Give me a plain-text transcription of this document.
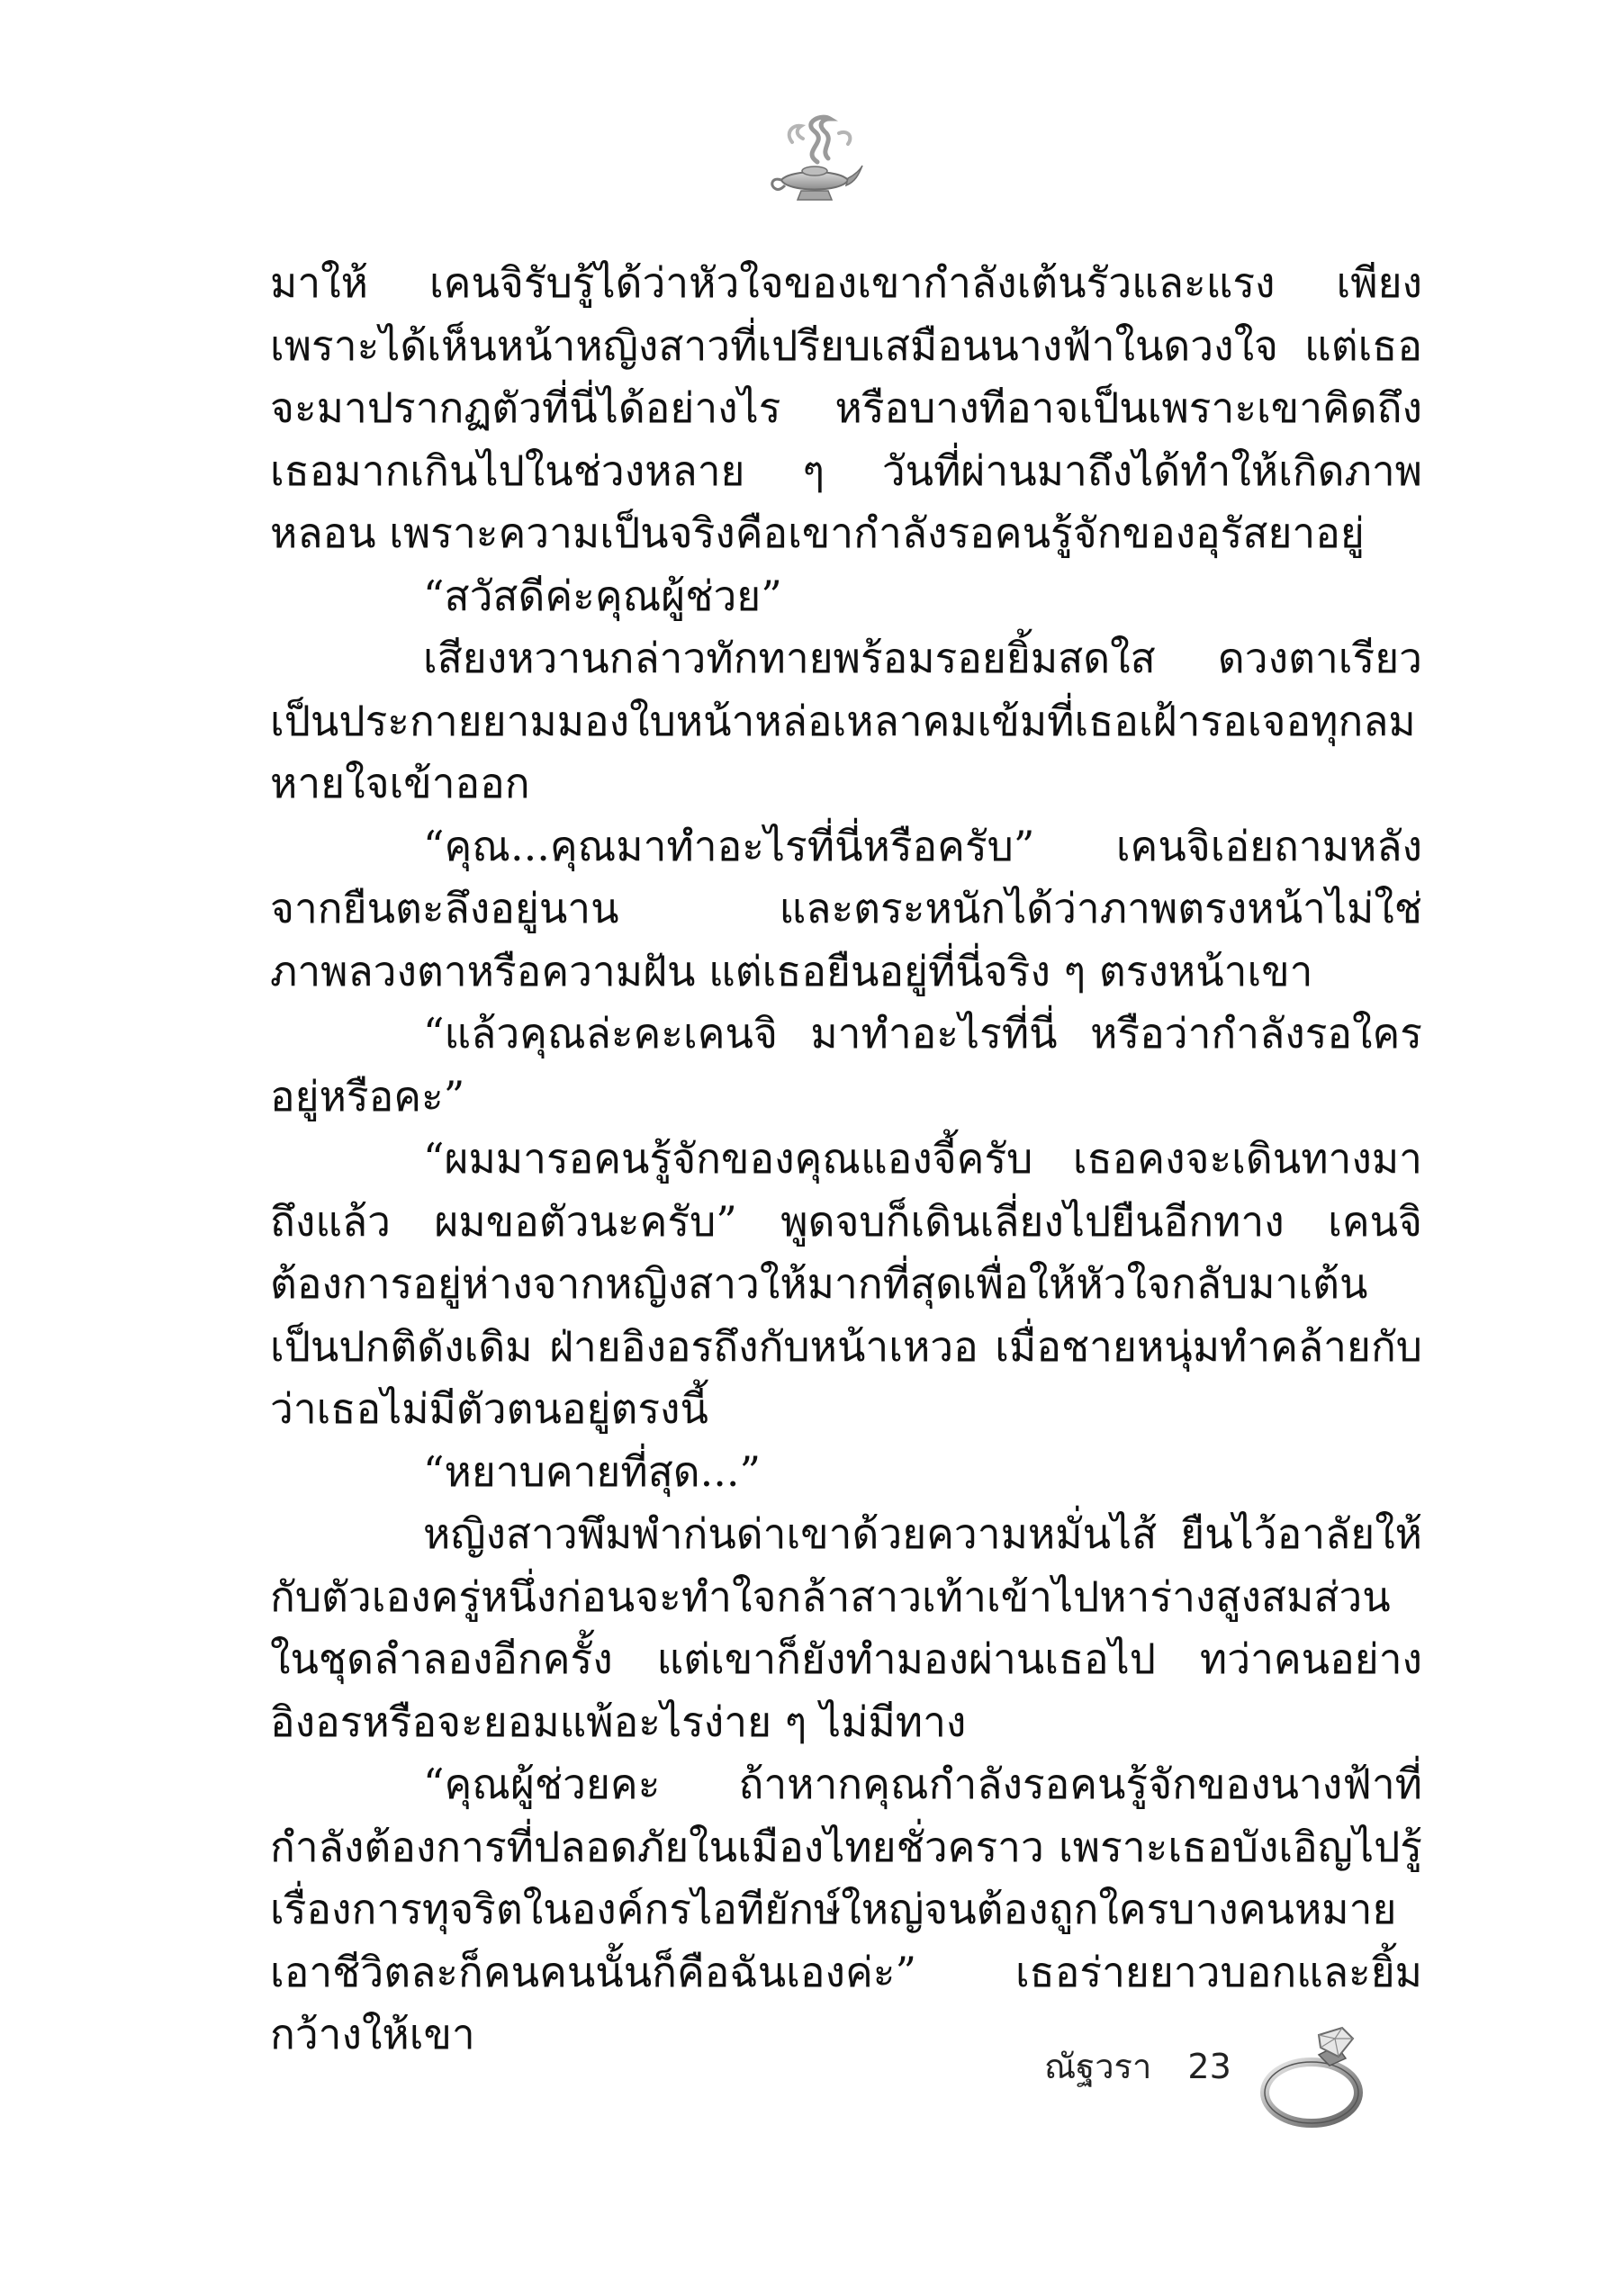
มาให้ เคนจิรับรู้ได้ว่าหัวใจของเขากำลังเต้นรัวและแรง เพียงเพราะได้เห็นหน้าหญิงสาวที่เปรียบเสมือนนางฟ้าในดวงใจ แต่เธอจะมาปรากฏตัวที่นี่ได้อย่างไร หรือบางทีอาจเป็นเพราะเขาคิดถึงเธอมากเกินไปในช่วงหลาย ๆ วันที่ผ่านมาถึงได้ทำให้เกิดภาพหลอน เพราะความเป็นจริงคือเขากำลังรอคนรู้จักของอุรัสยาอยู่

“สวัสดีค่ะคุณผู้ช่วย”

เสียงหวานกล่าวทักทายพร้อมรอยยิ้มสดใส ดวงตาเรียวเป็นประกายยามมองใบหน้าหล่อเหลาคมเข้มที่เธอเฝ้ารอเจอทุกลมหายใจเข้าออก

“คุณ...คุณมาทำอะไรที่นี่หรือครับ” เคนจิเอ่ยถามหลังจากยืนตะลึงอยู่นาน และตระหนักได้ว่าภาพตรงหน้าไม่ใช่ภาพลวงตาหรือความฝัน แต่เธอยืนอยู่ที่นี่จริง ๆ ตรงหน้าเขา

“แล้วคุณล่ะคะเคนจิ มาทำอะไรที่นี่ หรือว่ากำลังรอใครอยู่หรือคะ”

“ผมมารอคนรู้จักของคุณแองจี้ครับ เธอคงจะเดินทางมาถึงแล้ว ผมขอตัวนะครับ” พูดจบก็เดินเลี่ยงไปยืนอีกทาง เคนจิต้องการอยู่ห่างจากหญิงสาวให้มากที่สุดเพื่อให้หัวใจกลับมาเต้นเป็นปกติดังเดิม ฝ่ายอิงอรถึงกับหน้าเหวอ เมื่อชายหนุ่มทำคล้ายกับว่าเธอไม่มีตัวตนอยู่ตรงนี้

“หยาบคายที่สุด...”

หญิงสาวพึมพำก่นด่าเขาด้วยความหมั่นไส้ ยืนไว้อาลัยให้กับตัวเองครู่หนึ่งก่อนจะทำใจกล้าสาวเท้าเข้าไปหาร่างสูงสมส่วนในชุดลำลองอีกครั้ง แต่เขาก็ยังทำมองผ่านเธอไป ทว่าคนอย่างอิงอรหรือจะยอมแพ้อะไรง่าย ๆ ไม่มีทาง

“คุณผู้ช่วยคะ ถ้าหากคุณกำลังรอคนรู้จักของนางฟ้าที่กำลังต้องการที่ปลอดภัยในเมืองไทยชั่วคราว เพราะเธอบังเอิญไปรู้เรื่องการทุจริตในองค์กรไอทียักษ์ใหญ่จนต้องถูกใครบางคนหมายเอาชีวิตละก็คนคนนั้นก็คือฉันเองค่ะ” เธอร่ายยาวบอกและยิ้มกว้างให้เขา

ณัฐวรา 23
